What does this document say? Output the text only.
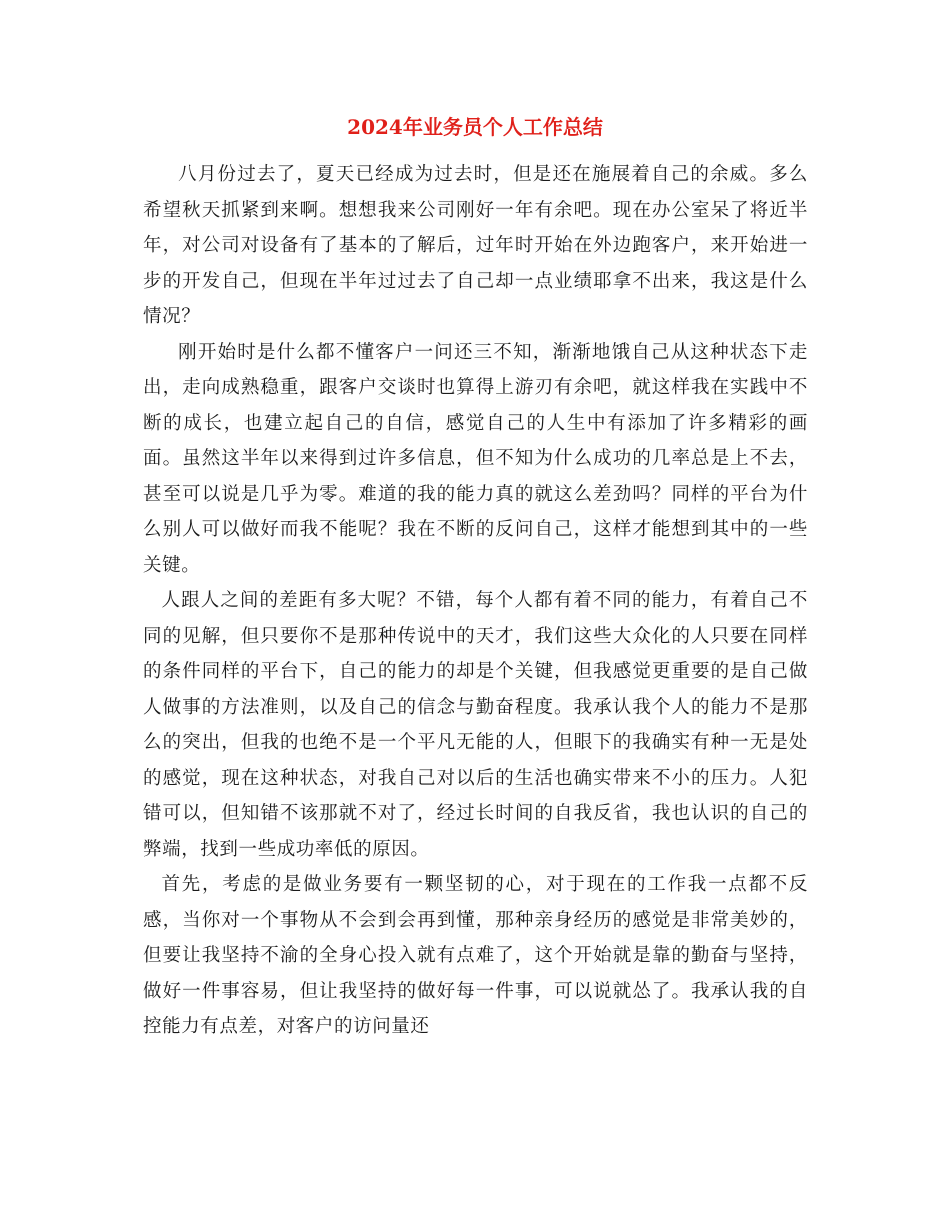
2024年业务员个人工作总结

八月份过去了，夏天已经成为过去时，但是还在施展着自己的余威。多么希望秋天抓紧到来啊。想想我来公司刚好一年有余吧。现在办公室呆了将近半年，对公司对设备有了基本的了解后，过年时开始在外边跑客户，来开始进一步的开发自己，但现在半年过过去了自己却一点业绩耶拿不出来，我这是什么情况？

刚开始时是什么都不懂客户一问还三不知，渐渐地饿自己从这种状态下走出，走向成熟稳重，跟客户交谈时也算得上游刃有余吧，就这样我在实践中不断的成长，也建立起自己的自信，感觉自己的人生中有添加了许多精彩的画面。虽然这半年以来得到过许多信息，但不知为什么成功的几率总是上不去，甚至可以说是几乎为零。难道的我的能力真的就这么差劲吗？同样的平台为什么别人可以做好而我不能呢？我在不断的反问自己，这样才能想到其中的一些关键。

人跟人之间的差距有多大呢？不错，每个人都有着不同的能力，有着自己不同的见解，但只要你不是那种传说中的天才，我们这些大众化的人只要在同样的条件同样的平台下，自己的能力的却是个关键，但我感觉更重要的是自己做人做事的方法准则，以及自己的信念与勤奋程度。我承认我个人的能力不是那么的突出，但我的也绝不是一个平凡无能的人，但眼下的我确实有种一无是处的感觉，现在这种状态，对我自己对以后的生活也确实带来不小的压力。人犯错可以，但知错不该那就不对了，经过长时间的自我反省，我也认识的自己的弊端，找到一些成功率低的原因。

首先，考虑的是做业务要有一颗坚韧的心，对于现在的工作我一点都不反感，当你对一个事物从不会到会再到懂，那种亲身经历的感觉是非常美妙的，但要让我坚持不渝的全身心投入就有点难了，这个开始就是靠的勤奋与坚持，做好一件事容易，但让我坚持的做好每一件事，可以说就怂了。我承认我的自控能力有点差，对客户的访问量还
